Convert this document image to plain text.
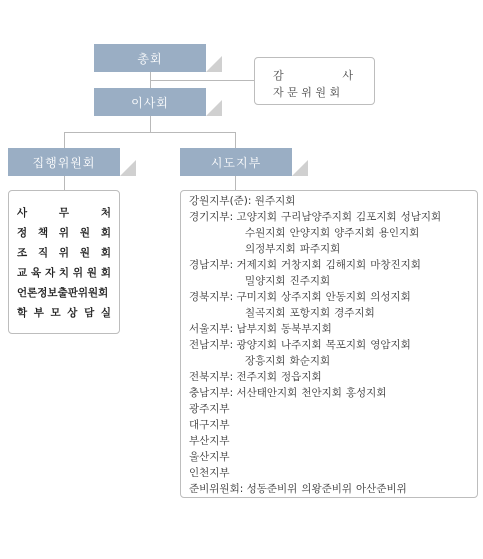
총회
감	사
자 문 위 원 회
이사회
집행위원회	시도지부
사	무	처
정 책 위 원 회
조 직 위 원 회
교 육 자 치 위 원 회
언론정보출판위원회
학 부 모 상 담 실
강원지부(준): 원주지회
경기지부: 고양지회 구리남양주지회 김포지회 성남지회
수원지회 안양지회 양주지회 용인지회
의정부지회 파주지회
경남지부: 거제지회 거창지회 김해지회 마창진지회
밀양지회 진주지회
경북지부: 구미지회 상주지회 안동지회 의성지회
칠곡지회 포항지회 경주지회
서울지부: 남부지회 동북부지회
전남지부: 광양지회 나주지회 목포지회 영암지회
장흥지회 화순지회
전북지부: 전주지회 정읍지회
충남지부: 서산태안지회 천안지회 홍성지회
광주지부
대구지부
부산지부
울산지부
인천지부
준비위원회: 성동준비위 의왕준비위 아산준비위
